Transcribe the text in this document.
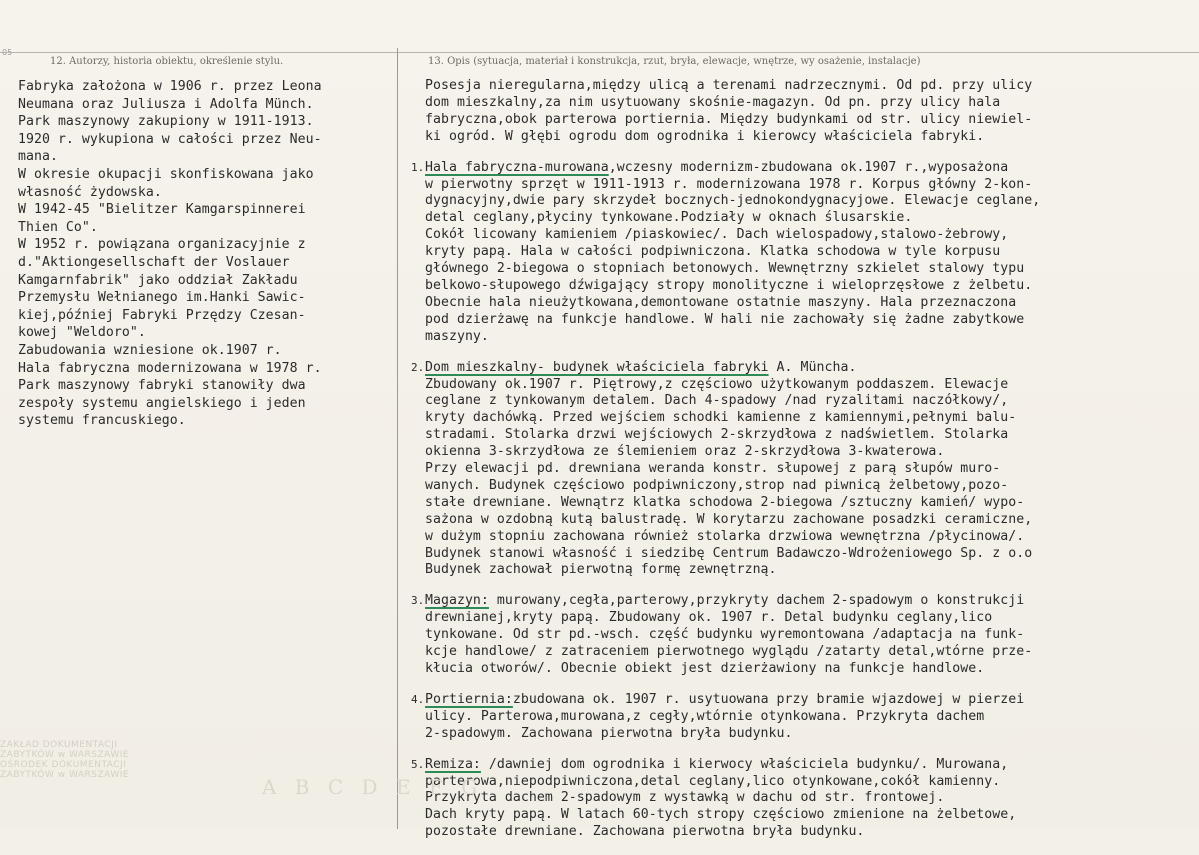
12. Autorzy, historia obiektu, określenie stylu.	13. Opis (sytuacja, materiał i konstrukcja, rzut, bryła, elewacje, wnętrze, wy osażenie, instalacje)
Fabryka założona w 1906 r. przez Leona
Neumana oraz Juliusza i Adolfa Münch.
Park maszynowy zakupiony w 1911-1913.
1920 r. wykupiona w całości przez Neu-
mana.
W okresie okupacji skonfiskowana jako
własność żydowska.
W 1942-45 "Bielitzer Kamgarspinnerei
Thien Co".
W 1952 r. powiązana organizacyjnie z
d."Aktiongesellschaft der Voslauer
Kamgarnfabrik" jako oddział Zakładu
Przemysłu Wełnianego im.Hanki Sawic-
kiej,później Fabryki Przędzy Czesan-
kowej "Weldoro".
Zabudowania wzniesione ok.1907 r.
Hala fabryczna modernizowana w 1978 r.
Park maszynowy fabryki stanowiły dwa
zespoły systemu angielskiego i jeden
systemu francuskiego.
Posesja nieregularna,między ulicą a terenami nadrzecznymi. Od pd. przy ulicy
dom mieszkalny,za nim usytuowany skośnie-magazyn. Od pn. przy ulicy hala
fabryczna,obok parterowa portiernia. Między budynkami od str. ulicy niewiel-
ki ogród. W głębi ogrodu dom ogrodnika i kierowcy właściciela fabryki.
1. Hala fabryczna-murowana,wczesny modernizm-zbudowana ok.1907 r.,wyposażona
w pierwotny sprzęt w 1911-1913 r. modernizowana 1978 r. Korpus główny 2-kon-
dygnacyjny,dwie pary skrzydeł bocznych-jednokondygnacyjowe. Elewacje ceglane,
detal ceglany,płyciny tynkowane.Podziały w oknach ślusarskie.
Cokół licowany kamieniem /piaskowiec/. Dach wielospadowy,stalowo-żebrowy,
kryty papą. Hala w całości podpiwniczona. Klatka schodowa w tyle korpusu
głównego 2-biegowa o stopniach betonowych. Wewnętrzny szkielet stalowy typu
belkowo-słupowego dźwigający stropy monolityczne i wieloprzęsłowe z żelbetu.
Obecnie hala nieużytkowana,demontowane ostatnie maszyny. Hala przeznaczona
pod dzierżawę na funkcje handlowe. W hali nie zachowały się żadne zabytkowe
maszyny.
2. Dom mieszkalny- budynek właściciela fabryki A. Müncha.
Zbudowany ok.1907 r. Piętrowy,z częściowo użytkowanym poddaszem. Elewacje
ceglane z tynkowanym detalem. Dach 4-spadowy /nad ryzalitami naczółkowy/,
kryty dachówką. Przed wejściem schodki kamienne z kamiennymi,pełnymi balu-
stradami. Stolarka drzwi wejściowych 2-skrzydłowa z nadświetlem. Stolarka
okienna 3-skrzydłowa ze ślemieniem oraz 2-skrzydłowa 3-kwaterowa.
Przy elewacji pd. drewniana weranda konstr. słupowej z parą słupów muro-
wanych. Budynek częściowo podpiwniczony,strop nad piwnicą żelbetowy,pozo-
stałe drewniane. Wewnątrz klatka schodowa 2-biegowa /sztuczny kamień/ wypo-
sażona w ozdobną kutą balustradę. W korytarzu zachowane posadzki ceramiczne,
w dużym stopniu zachowana również stolarka drzwiowa wewnętrzna /płycinowa/.
Budynek stanowi własność i siedzibę Centrum Badawczo-Wdrożeniowego Sp. z o.o
Budynek zachował pierwotną formę zewnętrzną.
3. Magazyn: murowany,cegła,parterowy,przykryty dachem 2-spadowym o konstrukcji
drewnianej,kryty papą. Zbudowany ok. 1907 r. Detal budynku ceglany,lico
tynkowane. Od str pd.-wsch. część budynku wyremontowana /adaptacja na funk-
kcje handlowe/ z zatraceniem pierwotnego wyglądu /zatarty detal,wtórne prze-
kłucia otworów/. Obecnie obiekt jest dzierżawiony na funkcje handlowe.
4. Portiernia:zbudowana ok. 1907 r. usytuowana przy bramie wjazdowej w pierzei
ulicy. Parterowa,murowana,z cegły,wtórnie otynkowana. Przykryta dachem
2-spadowym. Zachowana pierwotna bryła budynku.
5. Remiza: /dawniej dom ogrodnika i kierwocy właściciela budynku/. Murowana,
parterowa,niepodpiwniczona,detal ceglany,lico otynkowane,cokół kamienny.
Przykryta dachem 2-spadowym z wystawką w dachu od str. frontowej.
Dach kryty papą. W latach 60-tych stropy częściowo zmienione na żelbetowe,
pozostałe drewniane. Zachowana pierwotna bryła budynku.
ZAKŁAD DOKUMENTACJI
ZABYTKÓW w WARSZAWIE
OŚRODEK DOKUMENTACJI
ZABYTKÓW w WARSZAWIE	A B C D E F G
